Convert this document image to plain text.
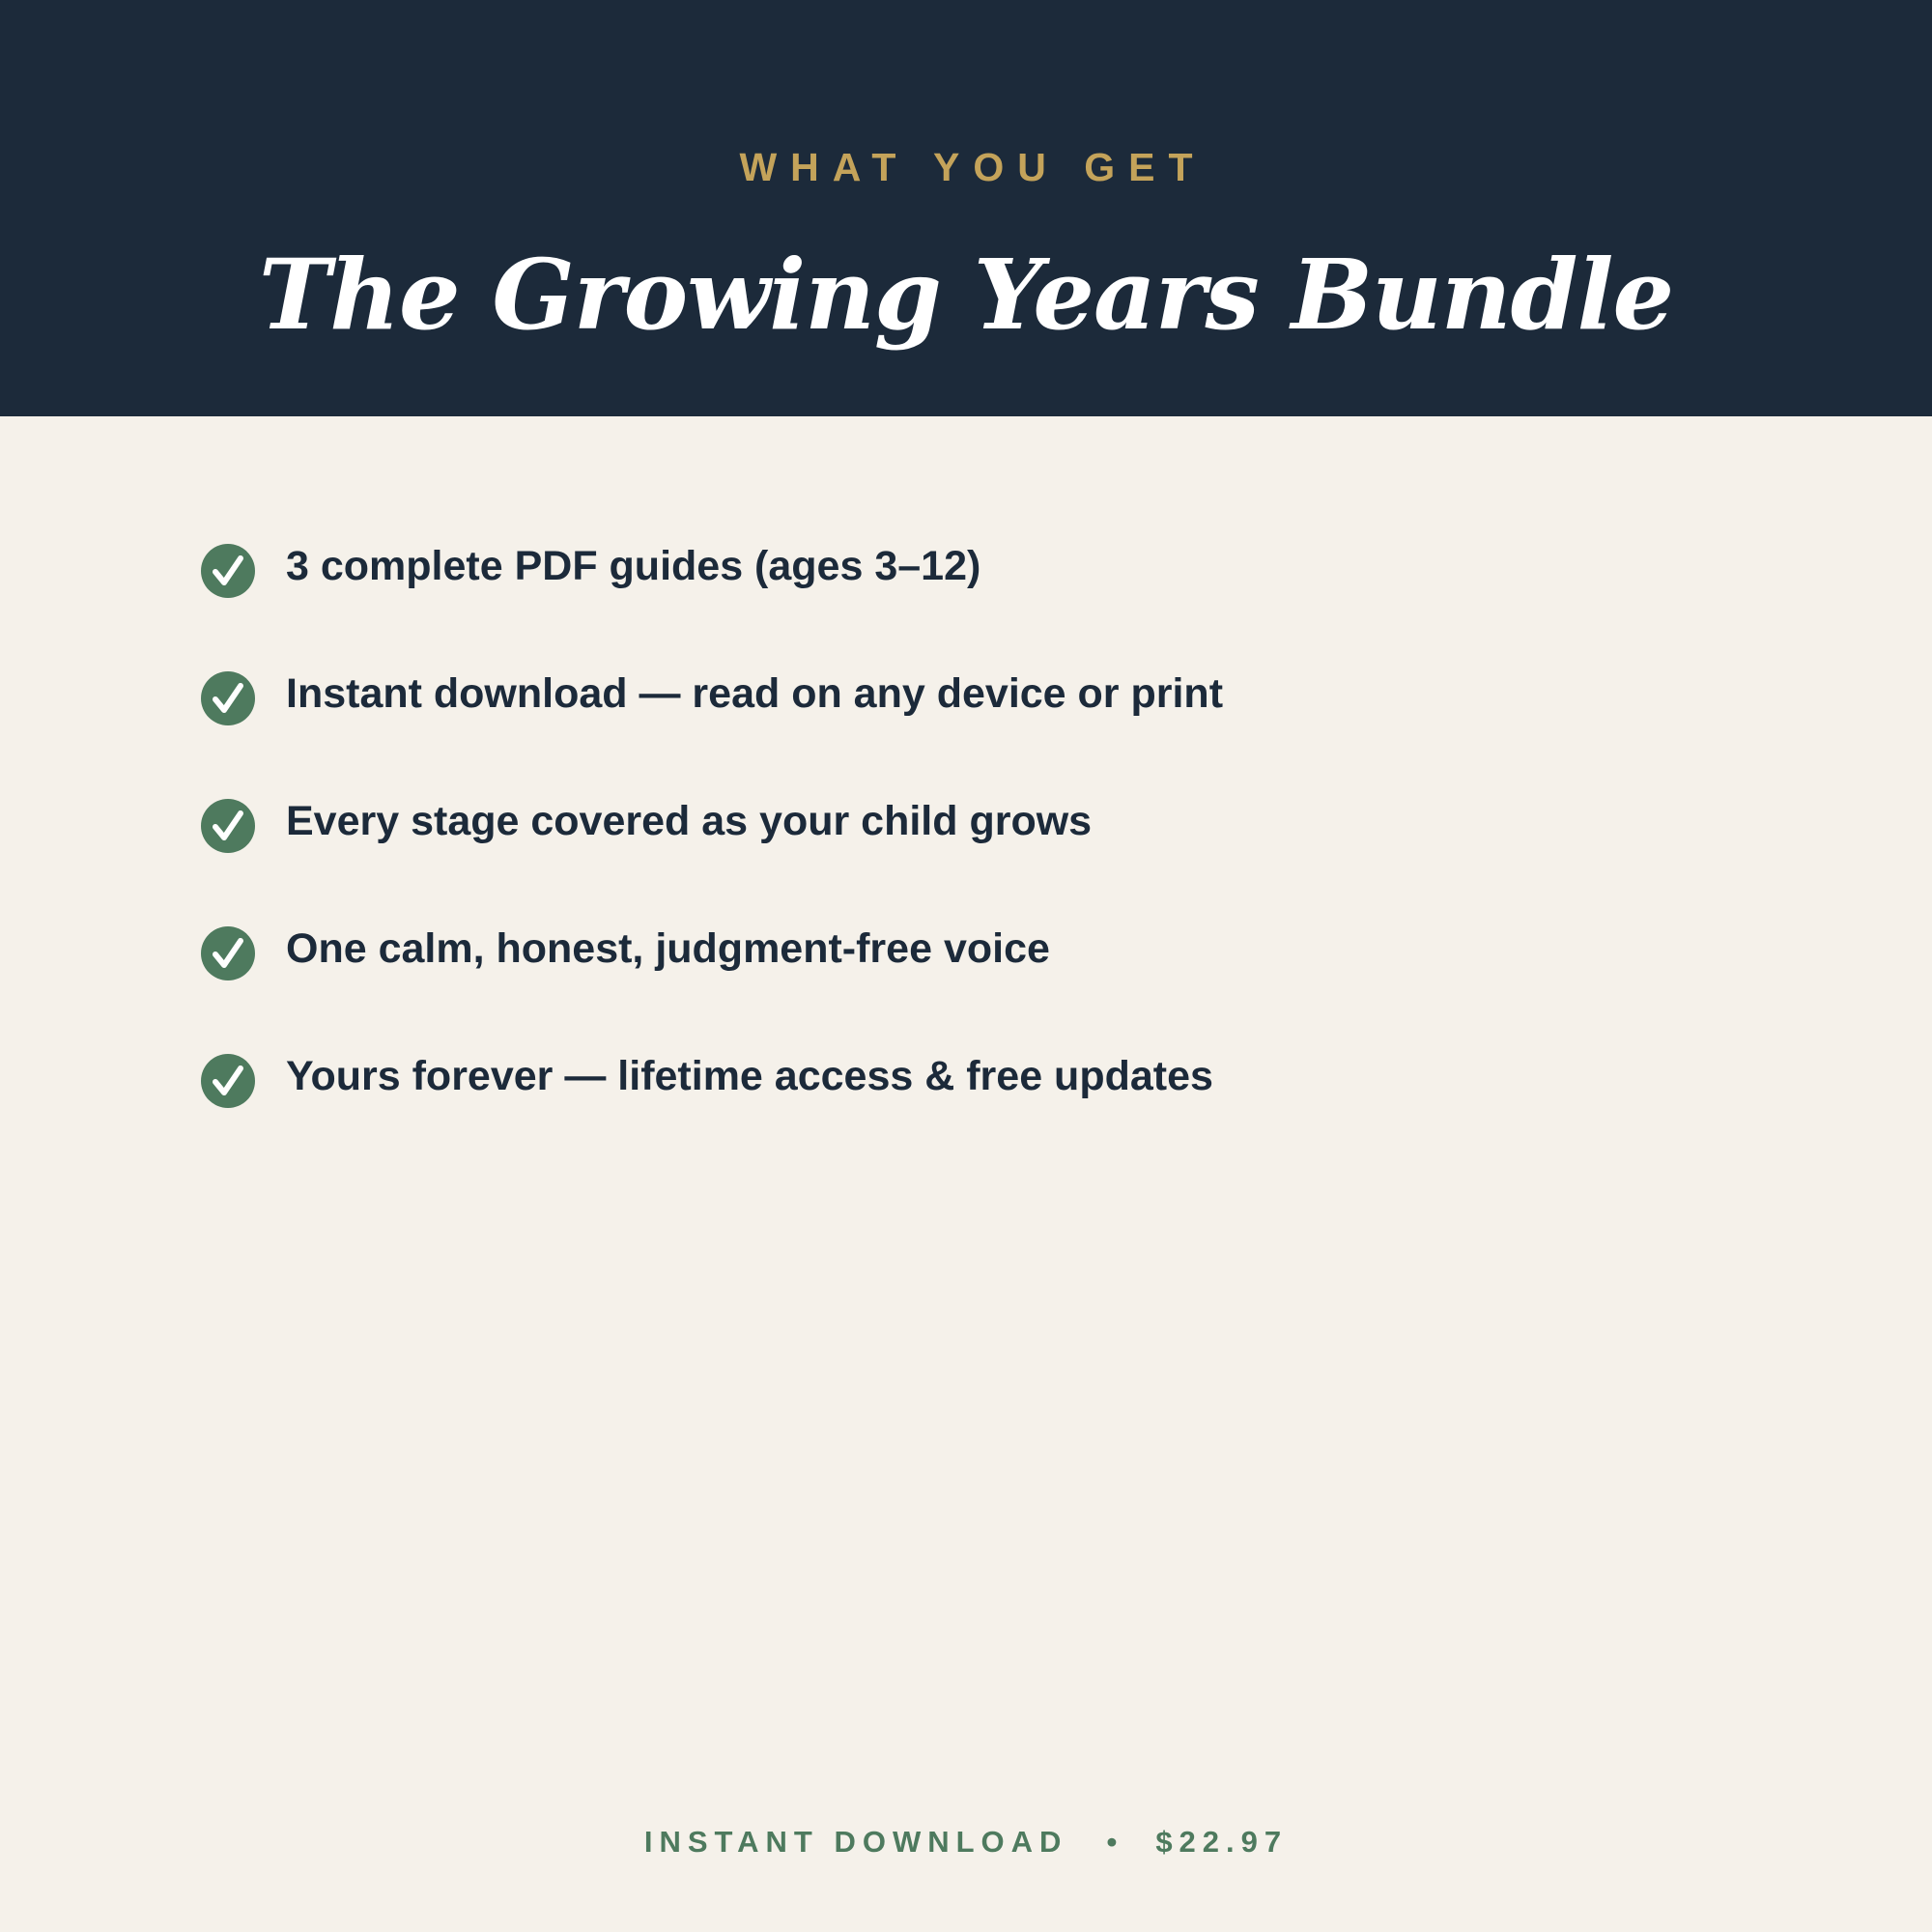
WHAT YOU GET
The Growing Years Bundle
3 complete PDF guides (ages 3–12)
Instant download — read on any device or print
Every stage covered as your child grows
One calm, honest, judgment-free voice
Yours forever — lifetime access & free updates
INSTANT DOWNLOAD • $22.97
